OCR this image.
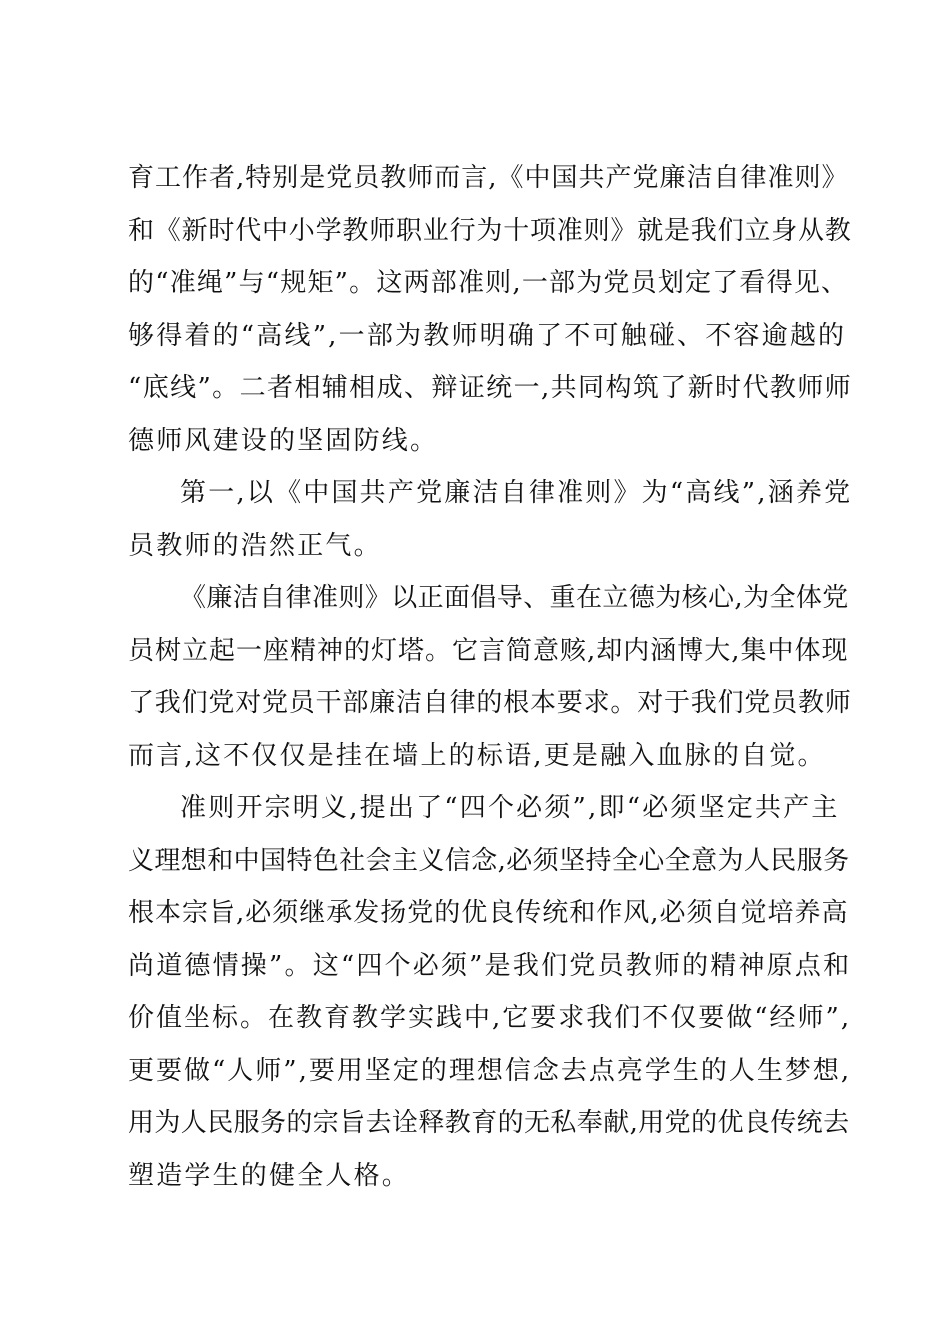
育工作者,特别是党员教师而言,《中国共产党廉洁自律准则》
和《新时代中小学教师职业行为十项准则》就是我们立身从教
的“准绳”与“规矩”。这两部准则,一部为党员划定了看得见、
够得着的“高线”,一部为教师明确了不可触碰、不容逾越的
“底线”。二者相辅相成、辩证统一,共同构筑了新时代教师师
德师风建设的坚固防线。
第一,以《中国共产党廉洁自律准则》为“高线”,涵养党
员教师的浩然正气。
《廉洁自律准则》以正面倡导、重在立德为核心,为全体党
员树立起一座精神的灯塔。它言简意赅,却内涵博大,集中体现
了我们党对党员干部廉洁自律的根本要求。对于我们党员教师
而言,这不仅仅是挂在墙上的标语,更是融入血脉的自觉。
准则开宗明义,提出了“四个必须”,即“必须坚定共产主
义理想和中国特色社会主义信念,必须坚持全心全意为人民服务
根本宗旨,必须继承发扬党的优良传统和作风,必须自觉培养高
尚道德情操”。这“四个必须”是我们党员教师的精神原点和
价值坐标。在教育教学实践中,它要求我们不仅要做“经师”,
更要做“人师”,要用坚定的理想信念去点亮学生的人生梦想,
用为人民服务的宗旨去诠释教育的无私奉献,用党的优良传统去
塑造学生的健全人格。
